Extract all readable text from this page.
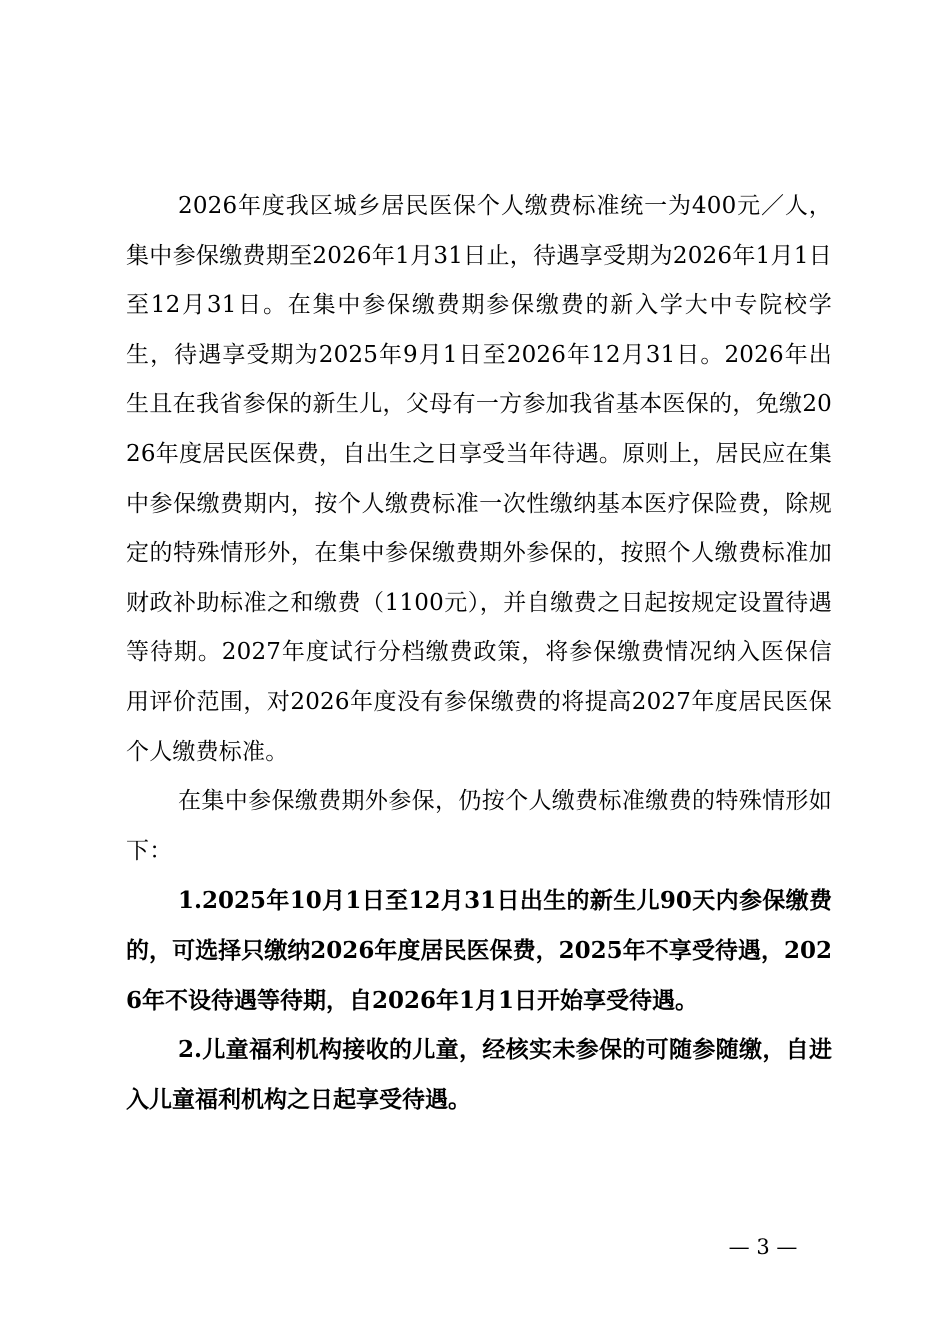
2026年度我区城乡居民医保个人缴费标准统一为400元／人，集中参保缴费期至2026年1月31日止，待遇享受期为2026年1月1日至12月31日。在集中参保缴费期参保缴费的新入学大中专院校学生，待遇享受期为2025年9月1日至2026年12月31日。2026年出生且在我省参保的新生儿，父母有一方参加我省基本医保的，免缴2026年度居民医保费，自出生之日享受当年待遇。原则上，居民应在集中参保缴费期内，按个人缴费标准一次性缴纳基本医疗保险费，除规定的特殊情形外，在集中参保缴费期外参保的，按照个人缴费标准加财政补助标准之和缴费（1100元），并自缴费之日起按规定设置待遇等待期。2027年度试行分档缴费政策，将参保缴费情况纳入医保信用评价范围，对2026年度没有参保缴费的将提高2027年度居民医保个人缴费标准。

在集中参保缴费期外参保，仍按个人缴费标准缴费的特殊情形如下：

1.2025年10月1日至12月31日出生的新生儿90天内参保缴费的，可选择只缴纳2026年度居民医保费，2025年不享受待遇，2026年不设待遇等待期，自2026年1月1日开始享受待遇。

2.儿童福利机构接收的儿童，经核实未参保的可随参随缴，自进入儿童福利机构之日起享受待遇。

— 3 —
